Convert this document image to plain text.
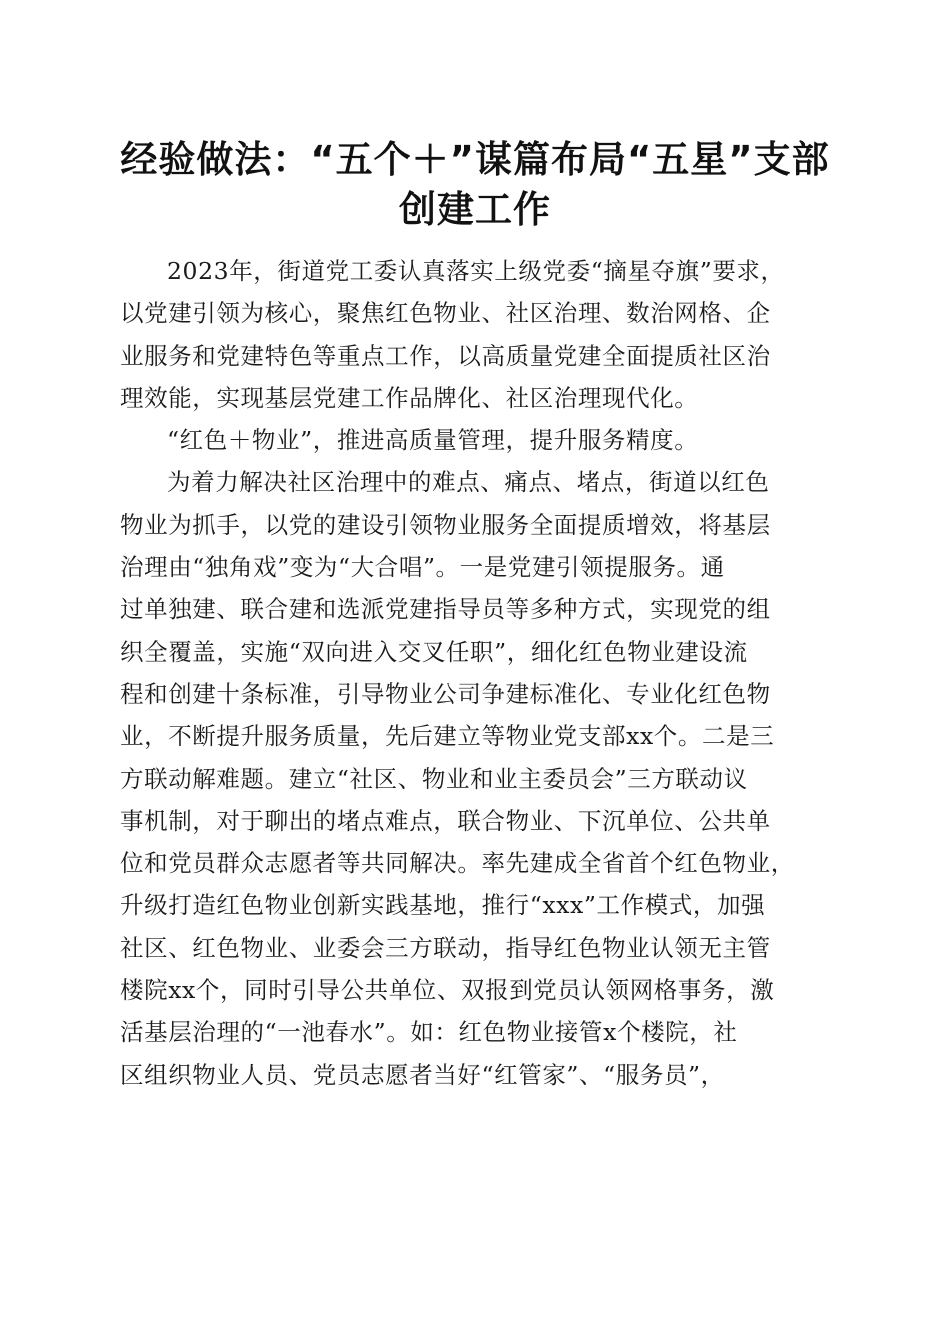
经验做法：“五个＋”谋篇布局“五星”支部
创建工作
2023年，街道党工委认真落实上级党委“摘星夺旗”要求，
以党建引领为核心，聚焦红色物业、社区治理、数治网格、企
业服务和党建特色等重点工作，以高质量党建全面提质社区治
理效能，实现基层党建工作品牌化、社区治理现代化。
“红色＋物业”，推进高质量管理，提升服务精度。
为着力解决社区治理中的难点、痛点、堵点，街道以红色
物业为抓手，以党的建设引领物业服务全面提质增效，将基层
治理由“独角戏”变为“大合唱”。一是党建引领提服务。通
过单独建、联合建和选派党建指导员等多种方式，实现党的组
织全覆盖，实施“双向进入交叉任职”，细化红色物业建设流
程和创建十条标准，引导物业公司争建标准化、专业化红色物
业，不断提升服务质量，先后建立等物业党支部xx个。二是三
方联动解难题。建立“社区、物业和业主委员会”三方联动议
事机制，对于聊出的堵点难点，联合物业、下沉单位、公共单
位和党员群众志愿者等共同解决。率先建成全省首个红色物业，
升级打造红色物业创新实践基地，推行“xxx”工作模式，加强
社区、红色物业、业委会三方联动，指导红色物业认领无主管
楼院xx个，同时引导公共单位、双报到党员认领网格事务，激
活基层治理的“一池春水”。如：红色物业接管x个楼院，社
区组织物业人员、党员志愿者当好“红管家”、“服务员”，
